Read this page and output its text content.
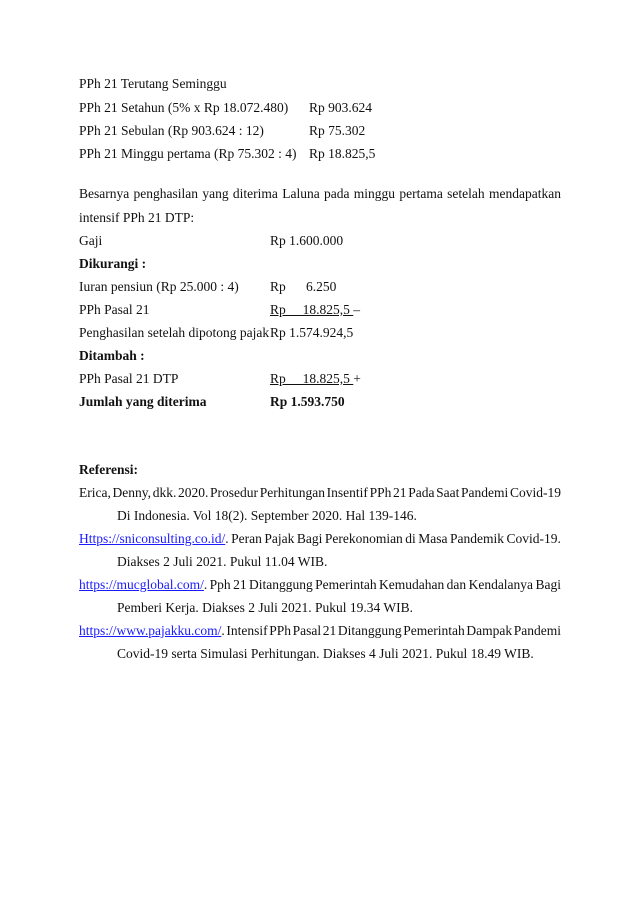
PPh 21 Terutang Seminggu
PPh 21 Setahun (5% x Rp 18.072.480) Rp 903.624
PPh 21 Sebulan (Rp 903.624 : 12)	Rp 75.302
PPh 21 Minggu pertama (Rp 75.302 : 4) Rp 18.825,5
Besarnya penghasilan yang diterima Laluna pada minggu pertama setelah mendapatkan
intensif PPh 21 DTP:
Gaji	Rp 1.600.000
Dikurangi :
Iuran pensiun (Rp 25.000 : 4) Rp      6.250
PPh Pasal 21	Rp     18.825,5 –
Penghasilan setelah dipotong pajak Rp 1.574.924,5
Ditambah :
PPh Pasal 21 DTP	Rp     18.825,5 +
Jumlah yang diterima	Rp 1.593.750
Referensi:
Erica, Denny, dkk. 2020. Prosedur Perhitungan Insentif PPh 21 Pada Saat Pandemi Covid-19
Di Indonesia. Vol 18(2). September 2020. Hal 139-146.
Https://sniconsulting.co.id/. Peran Pajak Bagi Perekonomian di Masa Pandemik Covid-19.
Diakses 2 Juli 2021. Pukul 11.04 WIB.
https://mucglobal.com/. Pph 21 Ditanggung Pemerintah Kemudahan dan Kendalanya Bagi
Pemberi Kerja. Diakses 2 Juli 2021. Pukul 19.34 WIB.
https://www.pajakku.com/. Intensif PPh Pasal 21 Ditanggung Pemerintah Dampak Pandemi
Covid-19 serta Simulasi Perhitungan. Diakses 4 Juli 2021. Pukul 18.49 WIB.
